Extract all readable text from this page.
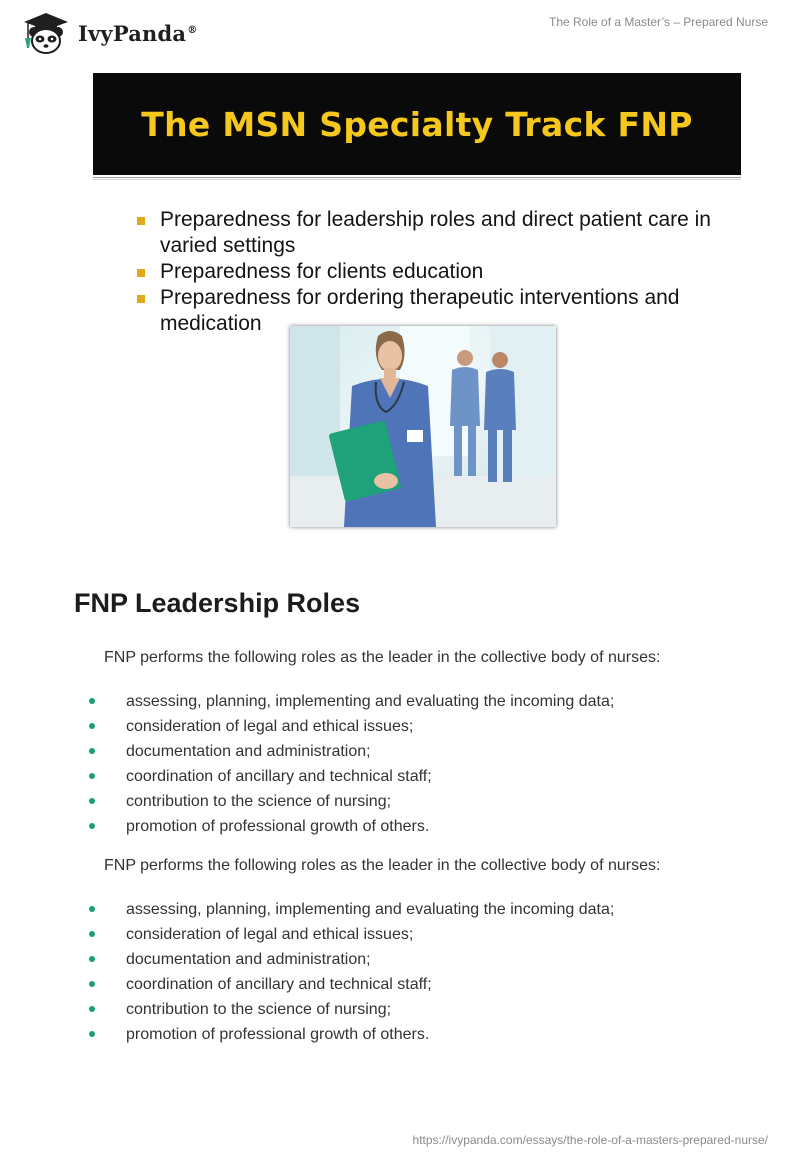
IvyPanda®
The Role of a Master’s – Prepared Nurse
The MSN Specialty Track FNP
Preparedness for leadership roles and direct patient care in varied settings
Preparedness for clients education
Preparedness for ordering therapeutic interventions and medication
FNP Leadership Roles

FNP performs the following roles as the leader in the collective body of nurses:

assessing, planning, implementing and evaluating the incoming data;
consideration of legal and ethical issues;
documentation and administration;
coordination of ancillary and technical staff;
contribution to the science of nursing;
promotion of professional growth of others.

FNP performs the following roles as the leader in the collective body of nurses:

assessing, planning, implementing and evaluating the incoming data;
consideration of legal and ethical issues;
documentation and administration;
coordination of ancillary and technical staff;
contribution to the science of nursing;
promotion of professional growth of others.
https://ivypanda.com/essays/the-role-of-a-masters-prepared-nurse/
